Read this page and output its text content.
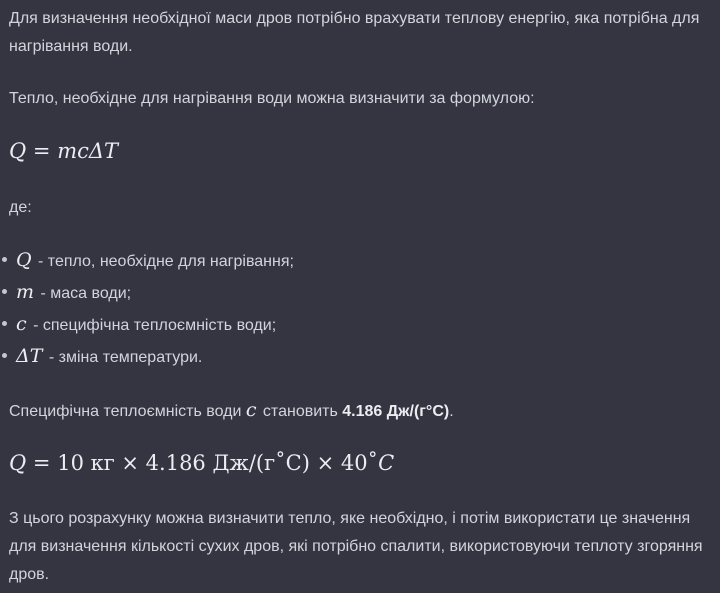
Для визначення необхідної маси дров потрібно врахувати теплову енергію, яка потрібна для нагрівання води.

Тепло, необхідне для нагрівання води можна визначити за формулою:

Q = mcΔT

де:

Q - тепло, необхідне для нагрівання;
m - маса води;
c - специфічна теплоємність води;
ΔT - зміна температури.

Специфічна теплоємність води c становить 4.186 Дж/(г°C).

Q = 10 кг × 4.186 Дж/(г˚С) × 40˚C

З цього розрахунку можна визначити тепло, яке необхідно, і потім використати це значення для визначення кількості сухих дров, які потрібно спалити, використовуючи теплоту згоряння дров.
